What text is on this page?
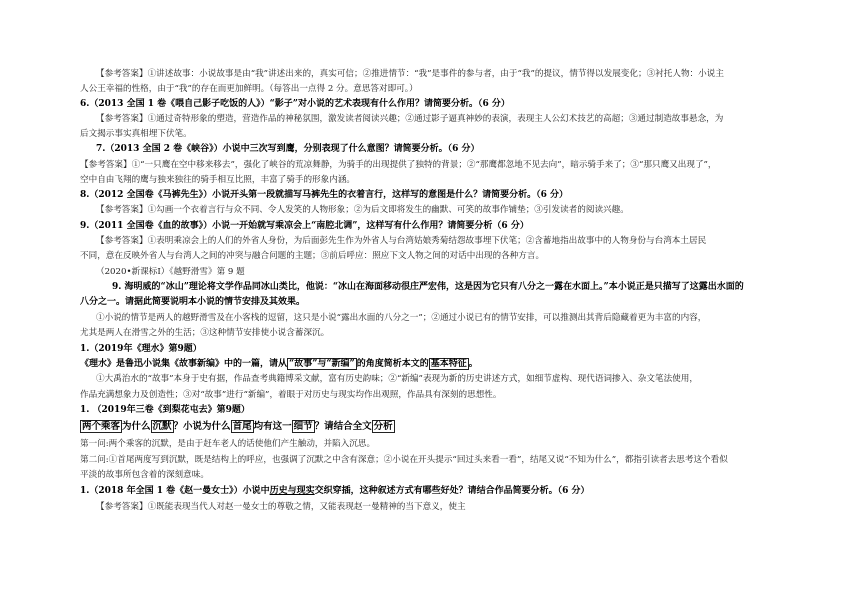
【参考答案】①讲述故事：小说故事是由“我”讲述出来的，真实可信；②推进情节：“我”是事件的参与者，由于“我”的提议，情节得以发展变化；③衬托人物：小说主
人公王幸福的性格，由于“我”的存在而更加鲜明。（每答出一点得 2 分。意思答对即可。）
6.（2013 全国 1 卷《喂自己影子吃饭的人》）“影子”对小说的艺术表现有什么作用？请简要分析。（6 分）
【参考答案】①通过奇特形象的塑造，营造作品的神秘氛围，激发读者阅读兴趣；②通过影子逼真神妙的表演，表现主人公幻术技艺的高超；③通过制造故事悬念，为
后文揭示事实真相埋下伏笔。
7.（2013 全国 2 卷《峡谷》）小说中三次写到鹰，分别表现了什么意图？请简要分析。（6 分）
【参考答案】①“一只鹰在空中移来移去”，强化了峡谷的荒凉舞静，为骑手的出现提供了独特的背景；②“那鹰都忽地不见去向”，暗示骑手来了；③“那只鹰又出现了”，
空中自由飞翔的鹰与独来独往的骑手相互比照，丰富了骑手的形象内涵。
8.（2012 全国卷《马裤先生》）小说开头第一段就描写马裤先生的衣着言行，这样写的意图是什么？请简要分析。（6 分）
【参考答案】①勾画一个衣着言行与众不同、令人发笑的人物形象；②为后文即将发生的幽默、可笑的故事作铺垫；③引发读者的阅读兴趣。
9.（2011 全国卷《血的故事》）小说一开始就写乘凉会上“南腔北调”，这样写有什么作用？请简要分析（6 分）
【参考答案】①表明乘凉会上的人们的外省人身份，为后面彭先生作为外省人与台湾姑娘秀菊结怨故事埋下伏笔；②含蓄地指出故事中的人物身份与台湾本土居民
不同，意在反映外省人与台湾人之间的冲突与融合问题的主题；③前后呼应：照应下文人物之间的对话中出现的各种方言。
（2020•新课标Ⅰ）《越野滑雪》第 9 题
9. 海明威的“冰山”理论将文学作品同冰山类比，他说：“冰山在海面移动很庄严宏伟，这是因为它只有八分之一露在水面上。”本小说正是只描写了这露出水面的
八分之一。请据此简要说明本小说的情节安排及其效果。
①小说的情节是两人的越野滑雪及在小客栈的逗留，这只是小说“露出水面的八分之一”；②通过小说已有的情节安排，可以推测出其背后隐藏着更为丰富的内容，
尤其是两人在滑雪之外的生活；③这种情节安排使小说含蓄深沉。
1.（2019年《理水》第9题）
《理水》是鲁迅小说集《故事新编》中的一篇，请从 “故事”与“新编” 的角度简析本文的 基本特征 。
①大禹治水的“故事”本身于史有据，作品查考典籍博采文献，富有历史韵味；②“新编”表现为新的历史讲述方式，如细节虚构、现代语词掺入、杂文笔法使用，
作品充满想象力及创造性；③对“故事”进行“新编”，着眼于对历史与现实均作出观照，作品具有深刻的思想性。
1. （2019年三卷《到梨花屯去》第9题）
两个乘客 为什么 沉默 ？小说为什么 首尾 均有这一 细节 ？请结合全文 分析
第一问:两个乘客的沉默，是由于赶车老人的话使他们产生触动，并陷入沉思。
第二问:①首尾两度写到沉默，既是结构上的呼应，也强调了沉默之中含有深意；②小说在开头提示“回过头来看一看”，结尾又说“不知为什么”，都指引读者去思考这个看似
平淡的故事所包含着的深刻意味。
1.（2018 年全国 1 卷《赵一曼女士》）小说中历史与现实交织穿插，这种叙述方式有哪些好处？请结合作品简要分析。（6 分）
【参考答案】①既能表现当代人对赵一曼女士的尊敬之情，又能表现赵一曼精神的当下意义，使主
